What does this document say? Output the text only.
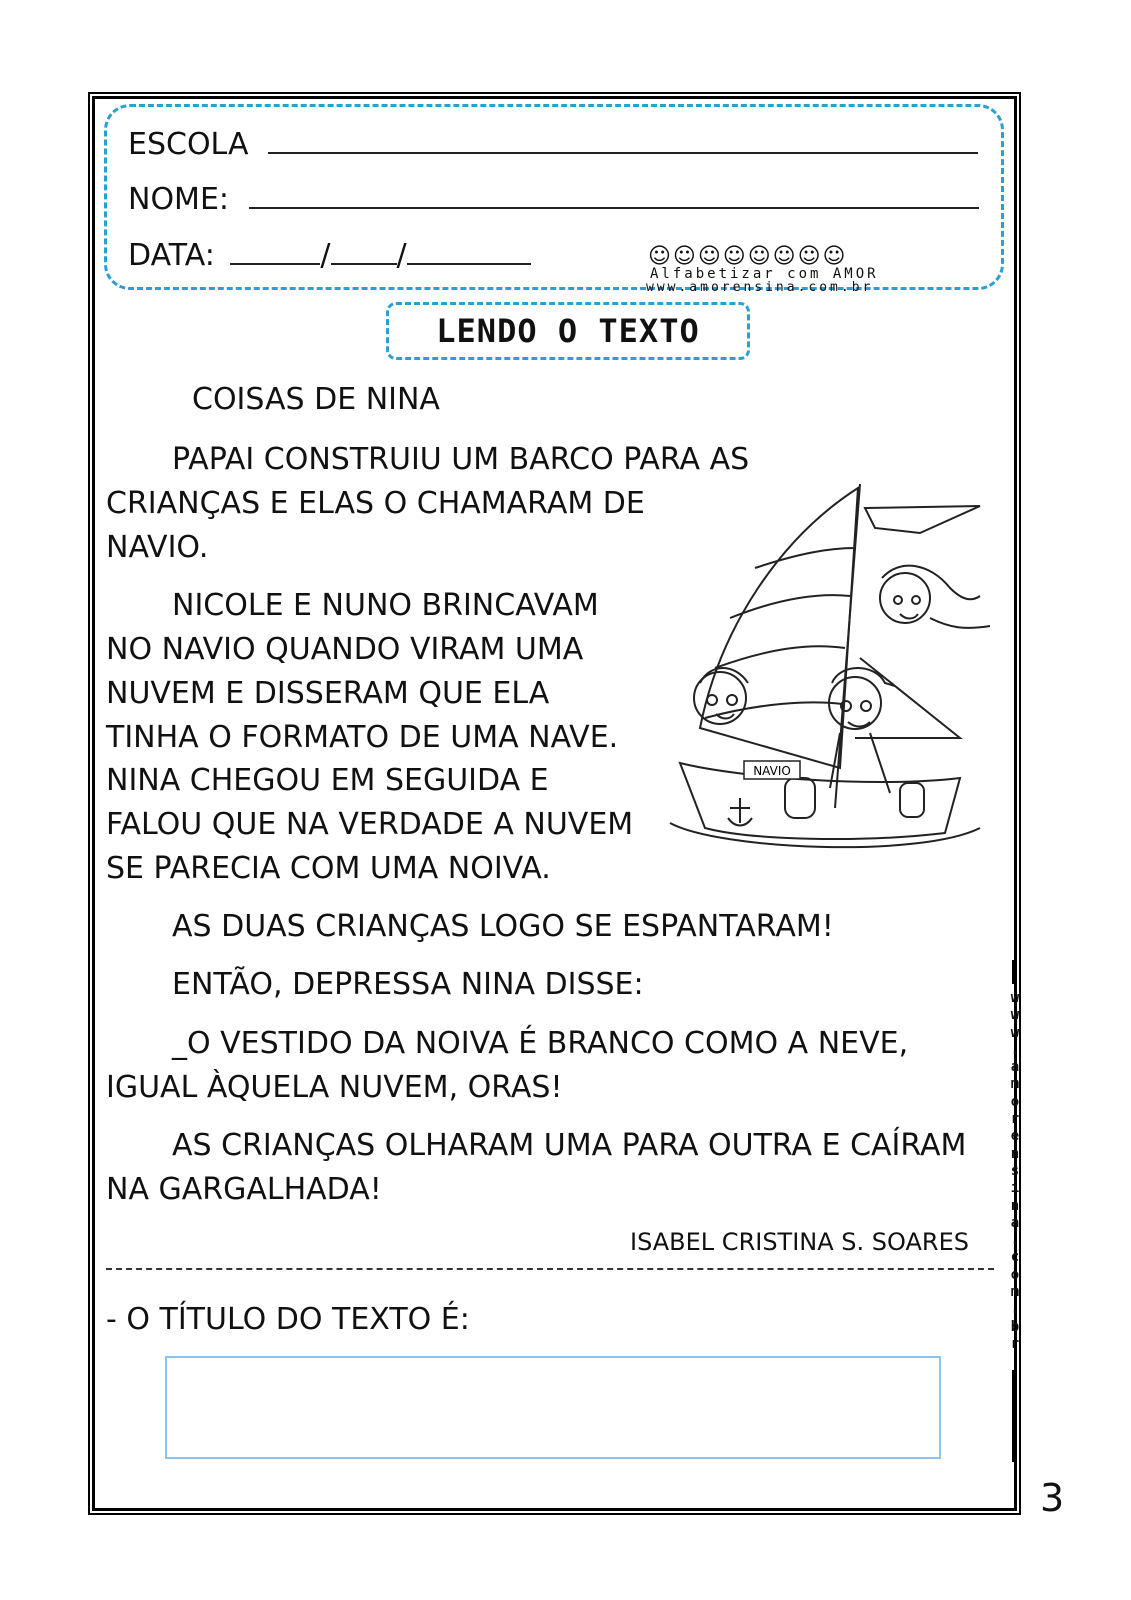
ESCOLA
NOME:
DATA:	/ /	☺☺☺☺☺☺☺☺
Alfabetizar com AMOR
www.amorensina.com.br
LENDO O TEXTO
COISAS DE NINA
PAPAI CONSTRUIU UM BARCO PARA AS
CRIANÇAS E ELAS O CHAMARAM DE
NAVIO.
NICOLE E NUNO BRINCAVAM
NO NAVIO QUANDO VIRAM UMA
NUVEM E DISSERAM QUE ELA
TINHA O FORMATO DE UMA NAVE.
NINA CHEGOU EM SEGUIDA E
FALOU QUE NA VERDADE A NUVEM
SE PARECIA COM UMA NOIVA.
AS DUAS CRIANÇAS LOGO SE ESPANTARAM!
ENTÃO, DEPRESSA NINA DISSE:
_O VESTIDO DA NOIVA É BRANCO COMO A NEVE,
IGUAL ÀQUELA NUVEM, ORAS!
AS CRIANÇAS OLHARAM UMA PARA OUTRA E CAÍRAM
NA GARGALHADA!
ISABEL CRISTINA S. SOARES
NAVIO
- O TÍTULO DO TEXTO É:
w
w
w
.
a
m
o
r
e
n
s
i
n
a
.
c
o
m
.
b
r
3
